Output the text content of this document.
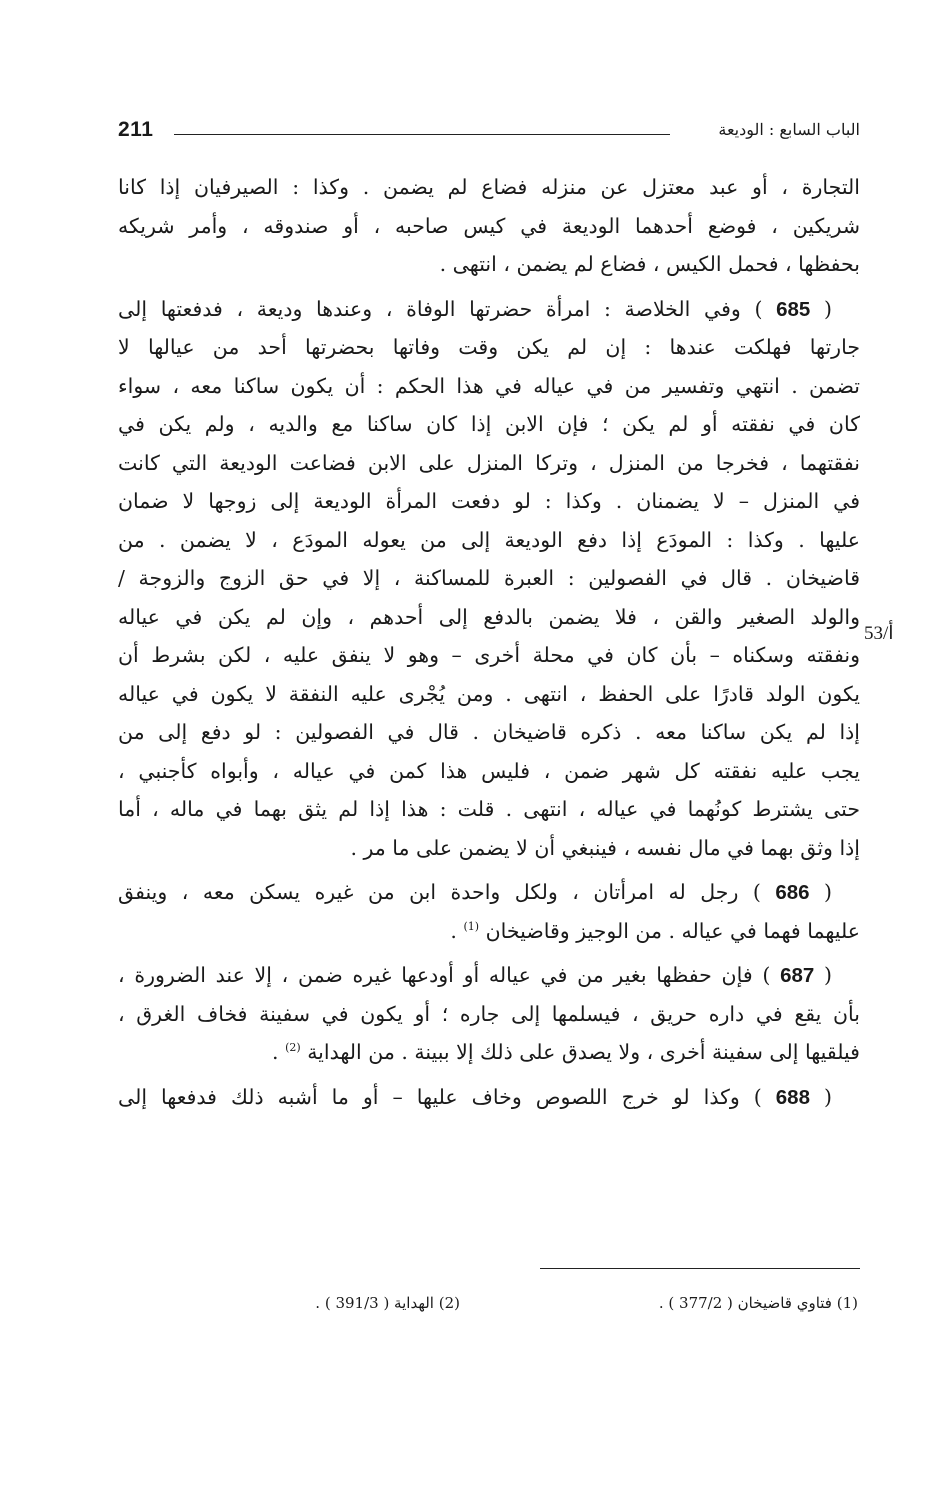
211	الباب السابع : الوديعة
53/أ
التجارة ، أو عبد معتزل عن منزله فضاع لم يضمن . وكذا : الصيرفيان إذا كانا
شريكين ، فوضع أحدهما الوديعة في كيس صاحبه ، أو صندوقه ، وأمر شريكه
بحفظها ، فحمل الكيس ، فضاع لم يضمن ، انتهى .
( 685 ) وفي الخلاصة : امرأة حضرتها الوفاة ، وعندها وديعة ، فدفعتها إلى
جارتها فهلكت عندها : إن لم يكن وقت وفاتها بحضرتها أحد من عيالها لا
تضمن . انتهي وتفسير من في عياله في هذا الحكم : أن يكون ساكنا معه ، سواء
كان في نفقته أو لم يكن ؛ فإن الابن إذا كان ساكنا مع والديه ، ولم يكن في
نفقتهما ، فخرجا من المنزل ، وتركا المنزل على الابن فضاعت الوديعة التي كانت
في المنزل – لا يضمنان . وكذا : لو دفعت المرأة الوديعة إلى زوجها لا ضمان
عليها . وكذا : المودَع إذا دفع الوديعة إلى من يعوله المودَع ، لا يضمن . من
قاضيخان . قال في الفصولين : العبرة للمساكنة ، إلا في حق الزوج والزوجة /
والولد الصغير والقن ، فلا يضمن بالدفع إلى أحدهم ، وإن لم يكن في عياله
ونفقته وسكناه – بأن كان في محلة أخرى – وهو لا ينفق عليه ، لكن بشرط أن
يكون الولد قادرًا على الحفظ ، انتهى . ومن يُجْرى عليه النفقة لا يكون في عياله
إذا لم يكن ساكنا معه . ذكره قاضيخان . قال في الفصولين : لو دفع إلى من
يجب عليه نفقته كل شهر ضمن ، فليس هذا كمن في عياله ، وأبواه كأجنبي ،
حتى يشترط كونُهما في عياله ، انتهى . قلت : هذا إذا لم يثق بهما في ماله ، أما
إذا وثق بهما في مال نفسه ، فينبغي أن لا يضمن على ما مر .
( 686 ) رجل له امرأتان ، ولكل واحدة ابن من غيره يسكن معه ، وينفق
عليهما فهما في عياله . من الوجيز وقاضيخان $^{(1)}$ .
( 687 ) فإن حفظها بغير من في عياله أو أودعها غيره ضمن ، إلا عند الضرورة ،
بأن يقع في داره حريق ، فيسلمها إلى جاره ؛ أو يكون في سفينة فخاف الغرق ،
فيلقيها إلى سفينة أخرى ، ولا يصدق على ذلك إلا ببينة . من الهداية $^{(2)}$ .
( 688 ) وكذا لو خرج اللصوص وخاف عليها – أو ما أشبه ذلك فدفعها إلى
(1) فتاوي قاضيخان ( 377/2 ) .
(2) الهداية ( 391/3 ) .
